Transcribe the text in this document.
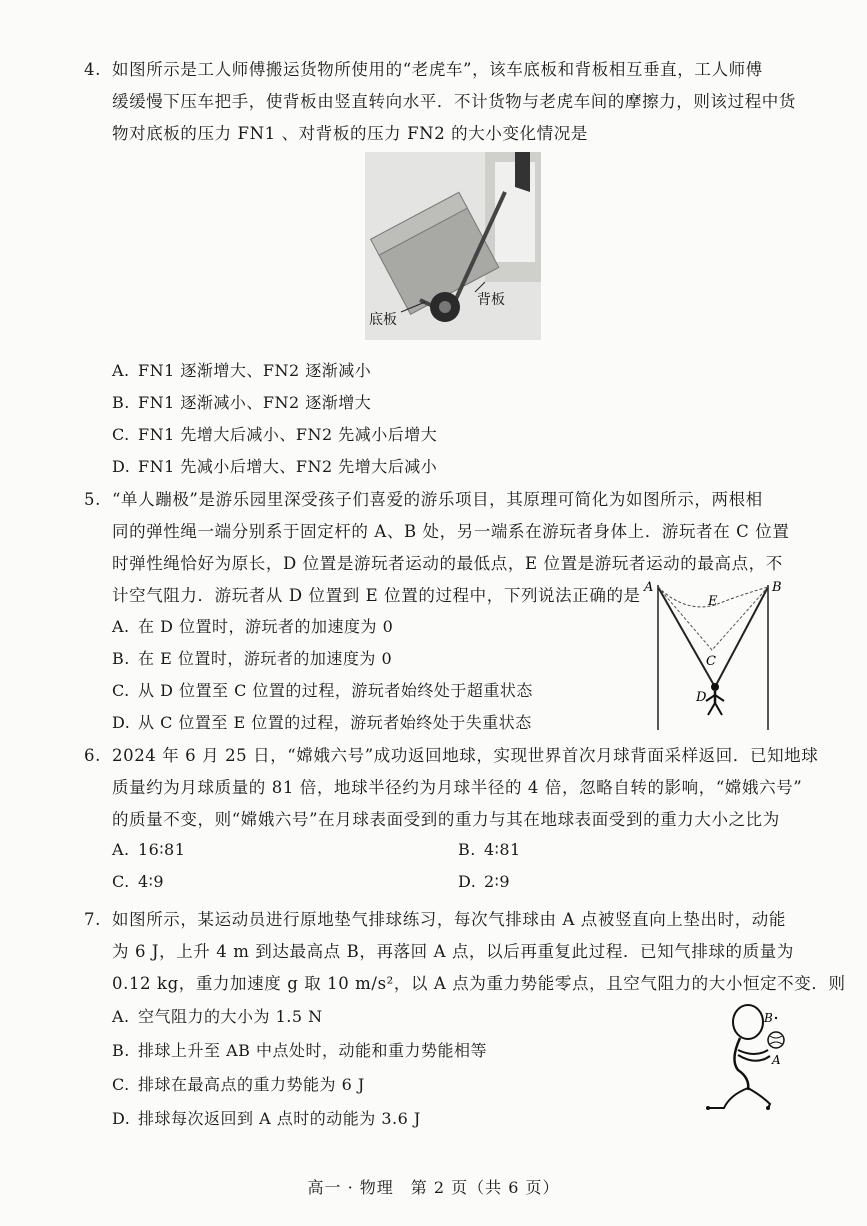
4. 如图所示是工人师傅搬运货物所使用的“老虎车”，该车底板和背板相互垂直，工人师傅
缓缓慢下压车把手，使背板由竖直转向水平．不计货物与老虎车间的摩擦力，则该过程中货
物对底板的压力 FN1 、对背板的压力 FN2 的大小变化情况是
底板
背板
A. FN1 逐渐增大、FN2 逐渐减小
B. FN1 逐渐减小、FN2 逐渐增大
C. FN1 先增大后减小、FN2 先减小后增大
D. FN1 先减小后增大、FN2 先增大后减小
5. “单人蹦极”是游乐园里深受孩子们喜爱的游乐项目，其原理可简化为如图所示，两根相
同的弹性绳一端分别系于固定杆的 A、B 处，另一端系在游玩者身体上．游玩者在 C 位置
时弹性绳恰好为原长，D 位置是游玩者运动的最低点，E 位置是游玩者运动的最高点，不
计空气阻力．游玩者从 D 位置到 E 位置的过程中，下列说法正确的是 A	B
E
C
D
A. 在 D 位置时，游玩者的加速度为 0
B. 在 E 位置时，游玩者的加速度为 0
C. 从 D 位置至 C 位置的过程，游玩者始终处于超重状态
D. 从 C 位置至 E 位置的过程，游玩者始终处于失重状态
6. 2024 年 6 月 25 日，“嫦娥六号”成功返回地球，实现世界首次月球背面采样返回．已知地球
质量约为月球质量的 81 倍，地球半径约为月球半径的 4 倍，忽略自转的影响，“嫦娥六号”
的质量不变，则“嫦娥六号”在月球表面受到的重力与其在地球表面受到的重力大小之比为
A. 16∶81	B. 4∶81
C. 4∶9	D. 2∶9
7. 如图所示，某运动员进行原地垫气排球练习，每次气排球由 A 点被竖直向上垫出时，动能
为 6 J，上升 4 m 到达最高点 B，再落回 A 点，以后再重复此过程．已知气排球的质量为
0.12 kg，重力加速度 g 取 10 m/s²，以 A 点为重力势能零点，且空气阻力的大小恒定不变．则
A. 空气阻力的大小为 1.5 N
B. 排球上升至 AB 中点处时，动能和重力势能相等
C. 排球在最高点的重力势能为 6 J
D. 排球每次返回到 A 点时的动能为 3.6 J
B
A
高一 · 物理　第 2 页（共 6 页）
